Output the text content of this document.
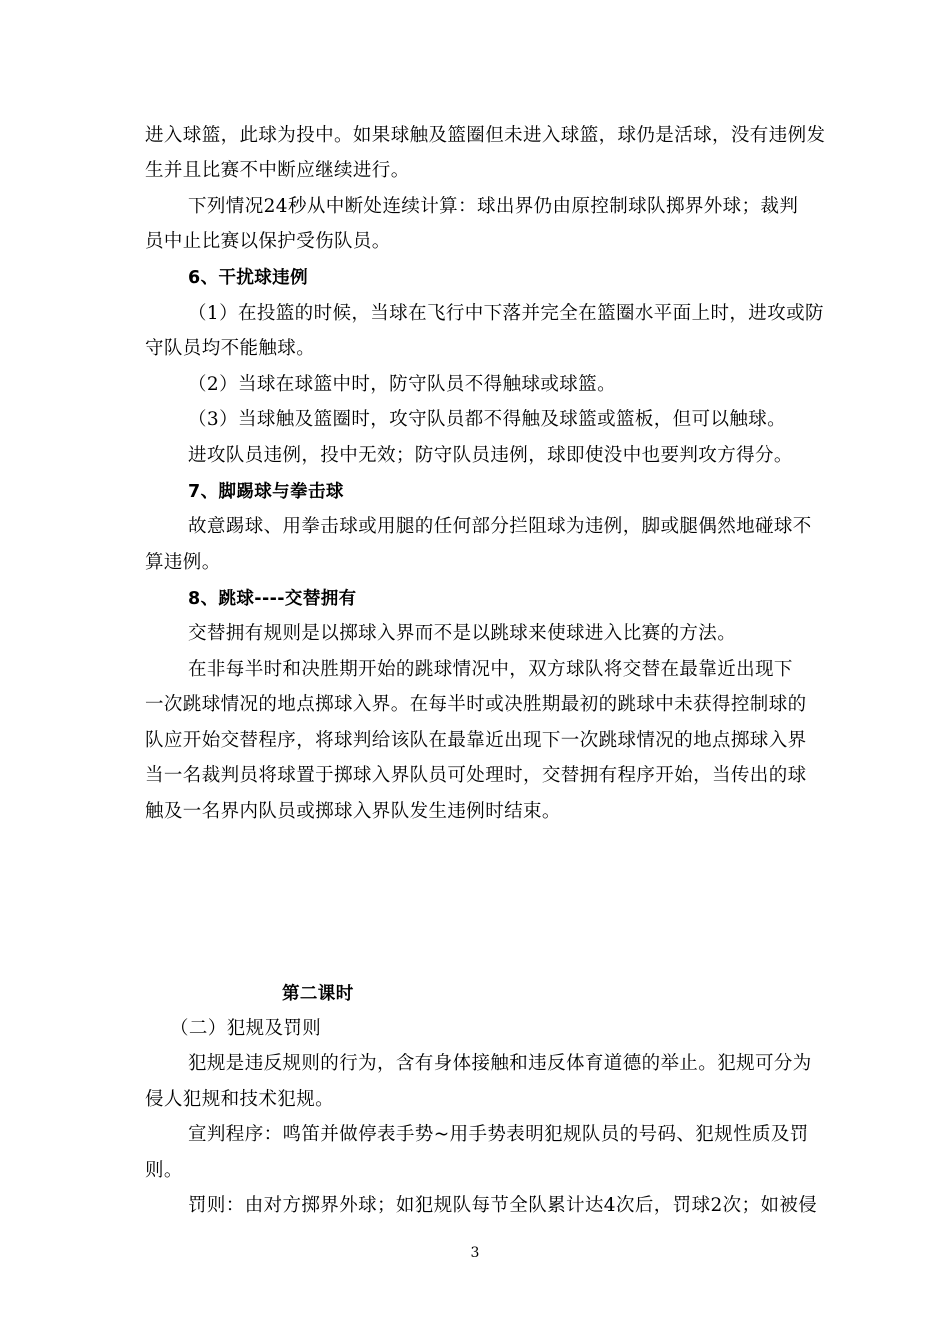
进入球篮，此球为投中。如果球触及篮圈但未进入球篮，球仍是活球，没有违例发
生并且比赛不中断应继续进行。
下列情况24秒从中断处连续计算：球出界仍由原控制球队掷界外球；裁判
员中止比赛以保护受伤队员。
6、干扰球违例
（1）在投篮的时候，当球在飞行中下落并完全在篮圈水平面上时，进攻或防
守队员均不能触球。
（2）当球在球篮中时，防守队员不得触球或球篮。
（3）当球触及篮圈时，攻守队员都不得触及球篮或篮板，但可以触球。
进攻队员违例，投中无效；防守队员违例，球即使没中也要判攻方得分。
7、脚踢球与拳击球
故意踢球、用拳击球或用腿的任何部分拦阻球为违例，脚或腿偶然地碰球不
算违例。
8、跳球----交替拥有
交替拥有规则是以掷球入界而不是以跳球来使球进入比赛的方法。
在非每半时和决胜期开始的跳球情况中，双方球队将交替在最靠近出现下
一次跳球情况的地点掷球入界。在每半时或决胜期最初的跳球中未获得控制球的
队应开始交替程序，将球判给该队在最靠近出现下一次跳球情况的地点掷球入界
当一名裁判员将球置于掷球入界队员可处理时，交替拥有程序开始，当传出的球
触及一名界内队员或掷球入界队发生违例时结束。
第二课时
（二）犯规及罚则
犯规是违反规则的行为，含有身体接触和违反体育道德的举止。犯规可分为
侵人犯规和技术犯规。
宣判程序：鸣笛并做停表手势~用手势表明犯规队员的号码、犯规性质及罚
则。
罚则：由对方掷界外球；如犯规队每节全队累计达4次后，罚球2次；如被侵
3
